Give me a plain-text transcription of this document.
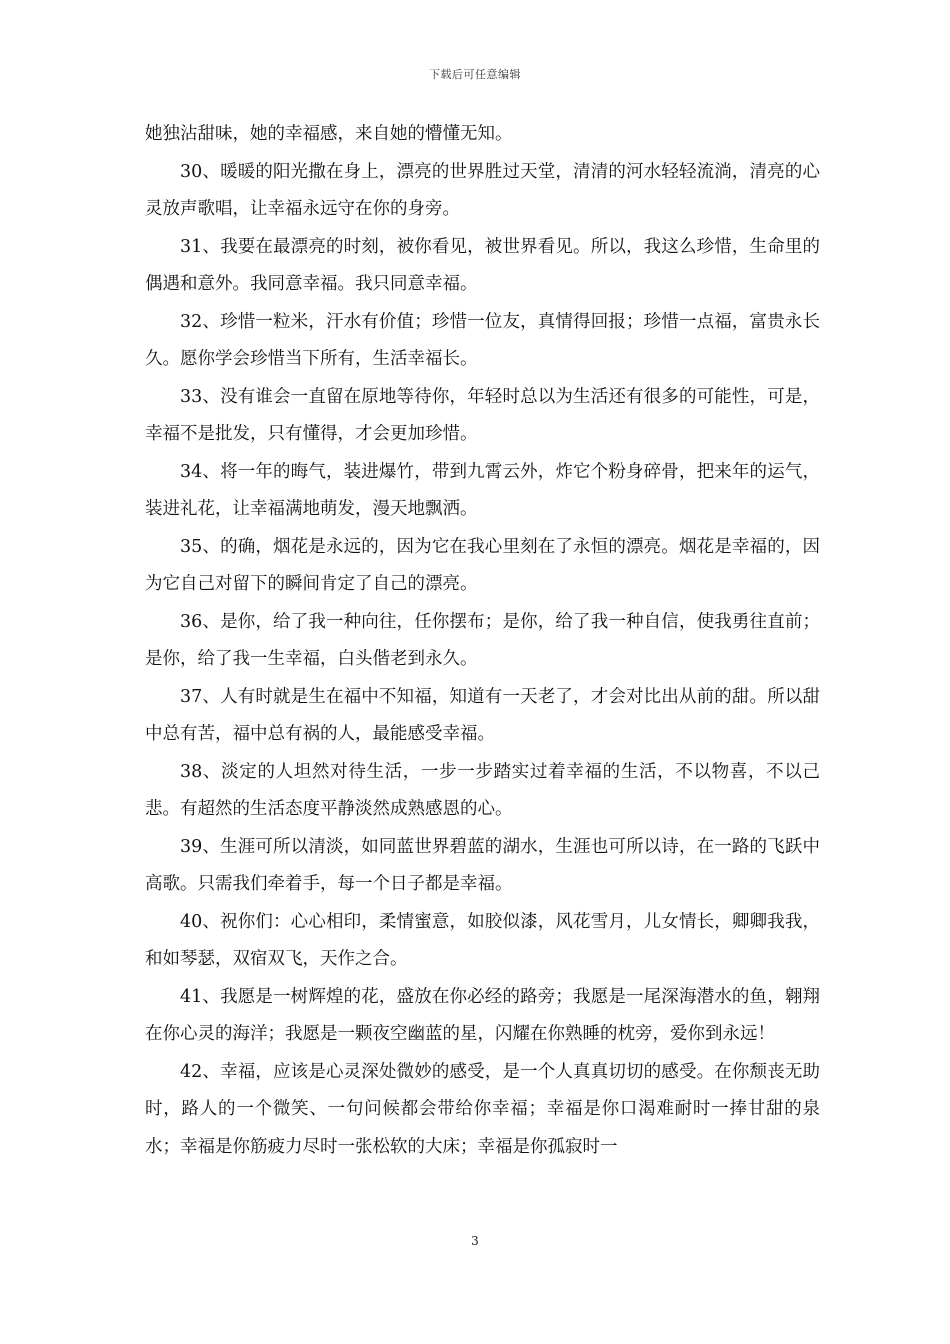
下载后可任意编辑

她独沾甜味，她的幸福感，来自她的懵懂无知。

30、暖暖的阳光撒在身上，漂亮的世界胜过天堂，清清的河水轻轻流淌，清亮的心灵放声歌唱，让幸福永远守在你的身旁。

31、我要在最漂亮的时刻，被你看见，被世界看见。所以，我这么珍惜，生命里的偶遇和意外。我同意幸福。我只同意幸福。

32、珍惜一粒米，汗水有价值；珍惜一位友，真情得回报；珍惜一点福，富贵永长久。愿你学会珍惜当下所有，生活幸福长。

33、没有谁会一直留在原地等待你，年轻时总以为生活还有很多的可能性，可是，幸福不是批发，只有懂得，才会更加珍惜。

34、将一年的晦气，装进爆竹，带到九霄云外，炸它个粉身碎骨，把来年的运气，装进礼花，让幸福满地萌发，漫天地飘洒。

35、的确，烟花是永远的，因为它在我心里刻在了永恒的漂亮。烟花是幸福的，因为它自己对留下的瞬间肯定了自己的漂亮。

36、是你，给了我一种向往，任你摆布；是你，给了我一种自信，使我勇往直前；是你，给了我一生幸福，白头偕老到永久。

37、人有时就是生在福中不知福，知道有一天老了，才会对比出从前的甜。所以甜中总有苦，福中总有祸的人，最能感受幸福。

38、淡定的人坦然对待生活，一步一步踏实过着幸福的生活，不以物喜，不以己悲。有超然的生活态度平静淡然成熟感恩的心。

39、生涯可所以清淡，如同蓝世界碧蓝的湖水，生涯也可所以诗，在一路的飞跃中高歌。只需我们牵着手，每一个日子都是幸福。

40、祝你们：心心相印，柔情蜜意，如胶似漆，风花雪月，儿女情长，卿卿我我，和如琴瑟，双宿双飞，天作之合。

41、我愿是一树辉煌的花，盛放在你必经的路旁；我愿是一尾深海潜水的鱼，翱翔在你心灵的海洋；我愿是一颗夜空幽蓝的星，闪耀在你熟睡的枕旁，爱你到永远！

42、幸福，应该是心灵深处微妙的感受，是一个人真真切切的感受。在你颓丧无助时，路人的一个微笑、一句问候都会带给你幸福；幸福是你口渴难耐时一捧甘甜的泉水；幸福是你筋疲力尽时一张松软的大床；幸福是你孤寂时一

3
